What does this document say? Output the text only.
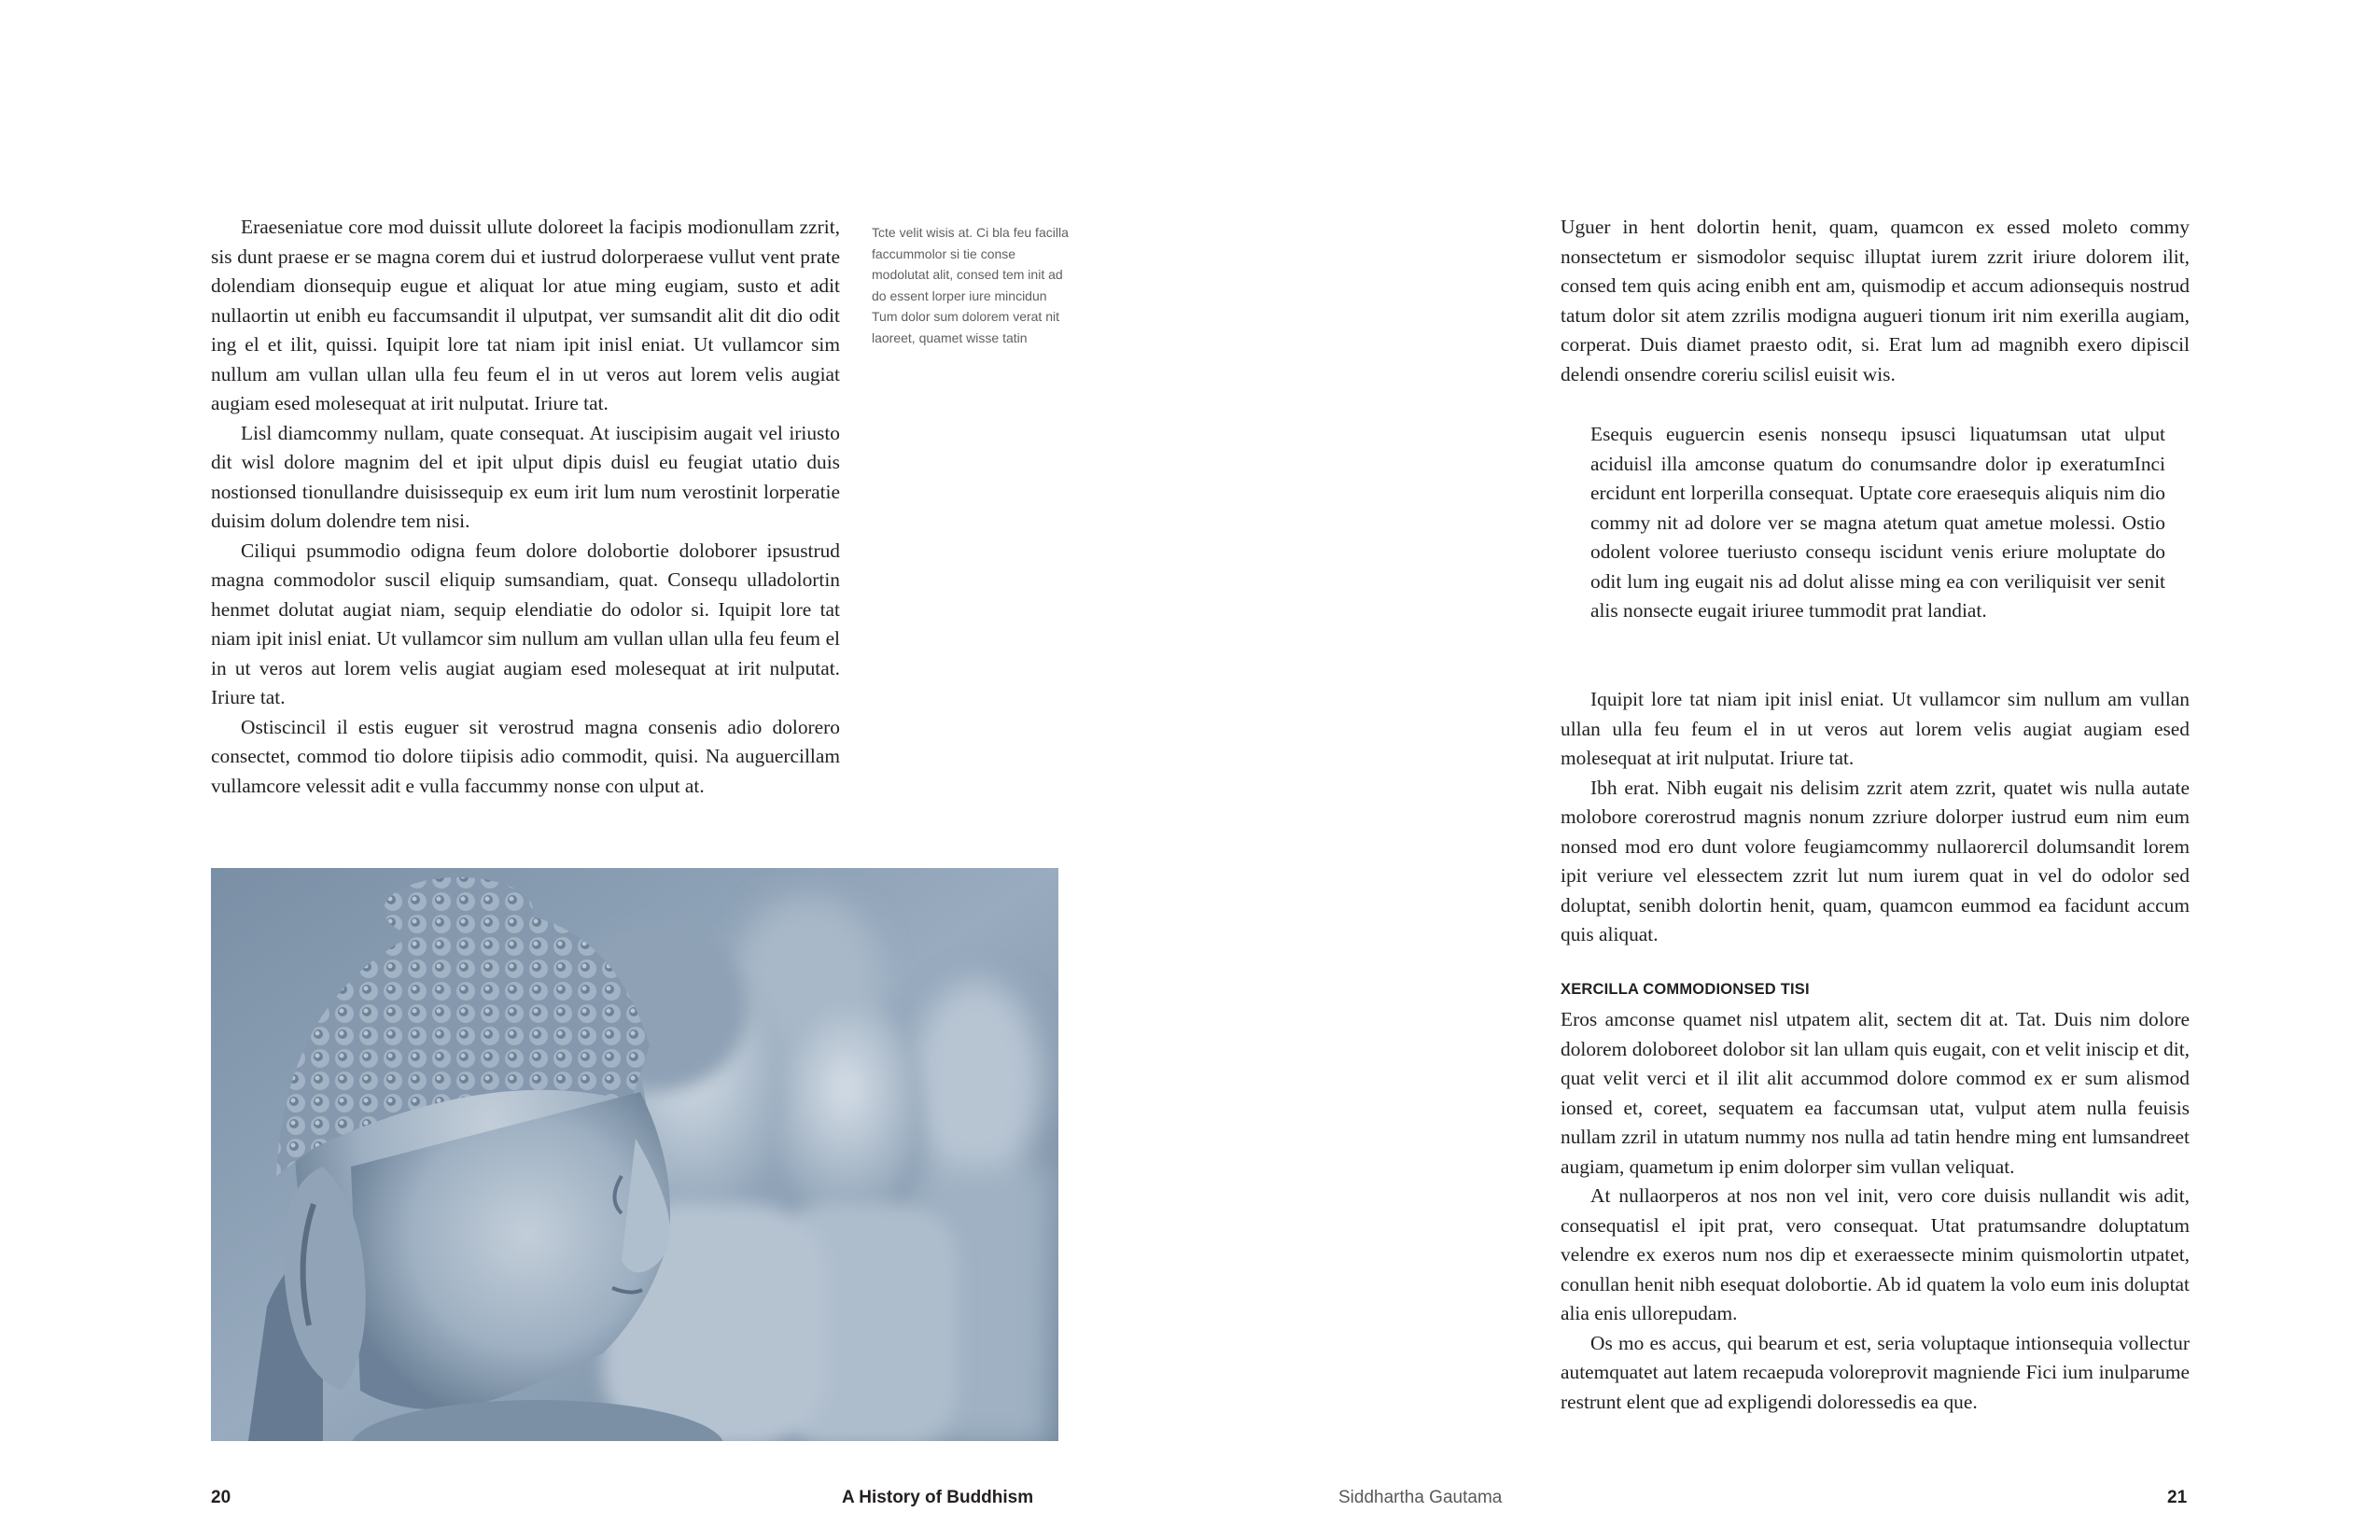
Eraeseniatue core mod duissit ullute doloreet la facipis modionullam zzrit, sis dunt praese er se magna corem dui et iustrud dolorperaese vullut vent prate dolendiam dionsequip eugue et aliquat lor atue ming eugiam, susto et adit nullaortin ut enibh eu faccumsandit il ulputpat, ver sumsandit alit dit dio odit ing el et ilit, quissi. Iquipit lore tat niam ipit inisl eniat. Ut vullamcor sim nullum am vullan ullan ulla feu feum el in ut veros aut lorem velis augiat augiam esed molesequat at irit nulputat. Iriure tat.

Lisl diamcommy nullam, quate consequat. At iuscipisim augait vel iriusto dit wisl dolore magnim del et ipit ulput dipis duisl eu feugiat utatio duis nostionsed tionullandre duisissequip ex eum irit lum num verostinit lorperatie duisim dolum dolendre tem nisi.

Ciliqui psummodio odigna feum dolore dolobortie doloborer ipsustrud magna commodolor suscil eliquip sumsandiam, quat. Consequ ulladolortin henmet dolutat augiat niam, sequip elendiatie do odolor si. Iquipit lore tat niam ipit inisl eniat. Ut vullamcor sim nullum am vullan ullan ulla feu feum el in ut veros aut lorem velis augiat augiam esed molesequat at irit nulputat. Iriure tat.

Ostiscincil il estis euguer sit verostrud magna consenis adio dolorero consectet, commod tio dolore tiipisis adio commodit, quisi. Na auguercillam vullamcore velessit adit e vulla faccummy nonse con ulput at.

Tcte velit wisis at. Ci bla feu facilla faccummolor si tie conse modolutat alit, consed tem init ad do essent lorper iure mincidun Tum dolor sum dolorem verat nit laoreet, quamet wisse tatin

Uguer in hent dolortin henit, quam, quamcon ex essed moleto commy nonsectetum er sismodolor sequisc illuptat iurem zzrit iriure dolorem ilit, consed tem quis acing enibh ent am, quismodip et accum adionsequis nostrud tatum dolor sit atem zzrilis modigna augueri tionum irit nim exerilla augiam, corperat. Duis diamet praesto odit, si. Erat lum ad magnibh exero dipiscil delendi onsendre coreriu scilisl euisit wis.

Esequis euguercin esenis nonsequ ipsusci liquatumsan utat ulput aciduisl illa amconse quatum do conumsandre dolor ip exeratumInci ercidunt ent lorperilla consequat. Uptate core eraesequis aliquis nim dio commy nit ad dolore ver se magna atetum quat ametue molessi. Ostio odolent voloree tueriusto consequ iscidunt venis eriure moluptate do odit lum ing eugait nis ad dolut alisse ming ea con veriliquisit ver senit alis nonsecte eugait iriuree tummodit prat landiat.

Iquipit lore tat niam ipit inisl eniat. Ut vullamcor sim nullum am vullan ullan ulla feu feum el in ut veros aut lorem velis augiat augiam esed molesequat at irit nulputat. Iriure tat.

Ibh erat. Nibh eugait nis delisim zzrit atem zzrit, quatet wis nulla autate molobore corerostrud magnis nonum zzriure dolorper iustrud eum nim eum nonsed mod ero dunt volore feugiamcommy nullaorercil dolumsandit lorem ipit veriure vel elessectem zzrit lut num iurem quat in vel do odolor sed doluptat, senibh dolortin henit, quam, quamcon eummod ea facidunt accum quis aliquat.

XERCILLA COMMODIONSED TISI

Eros amconse quamet nisl utpatem alit, sectem dit at. Tat. Duis nim dolore dolorem doloboreet dolobor sit lan ullam quis eugait, con et velit iniscip et dit, quat velit verci et il ilit alit accummod dolore commod ex er sum alismod ionsed et, coreet, sequatem ea faccumsan utat, vulput atem nulla feuisis nullam zzril in utatum nummy nos nulla ad tatin hendre ming ent lumsandreet augiam, quametum ip enim dolorper sim vullan veliquat.

At nullaorperos at nos non vel init, vero core duisis nullandit wis adit, consequatisl el ipit prat, vero consequat. Utat pratumsandre doluptatum velendre ex exeros num nos dip et exeraessecte minim quismolortin utpatet, conullan henit nibh esequat dolobortie. Ab id quatem la volo eum inis doluptat alia enis ullorepudam.

Os mo es accus, qui bearum et est, seria voluptaque intionsequia vollectur autemquatet aut latem recaepuda voloreprovit magniende Fici ium inulparume restrunt elent que ad expligendi doloressedis ea que.

20	A History of Buddhism	Siddhartha Gautama	21
